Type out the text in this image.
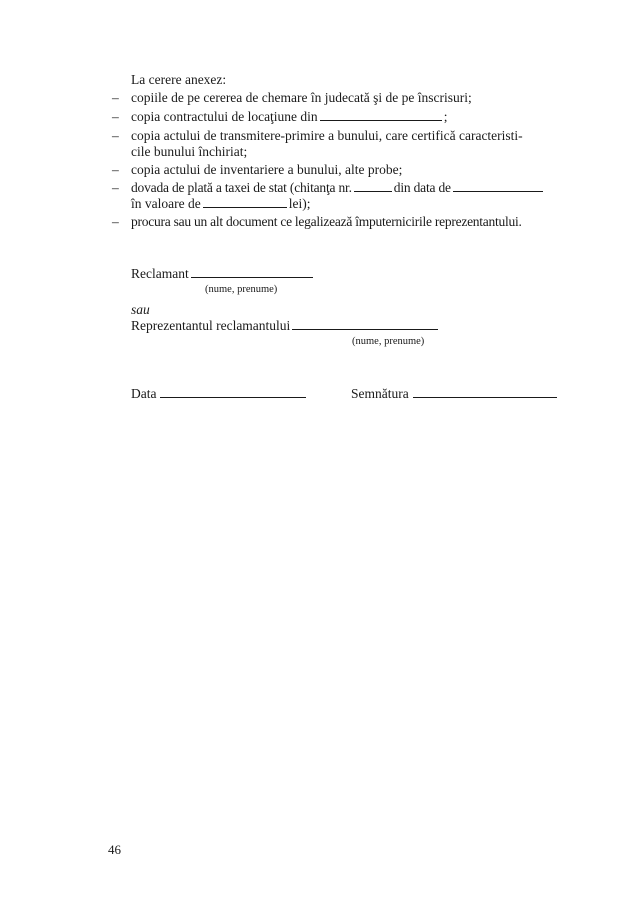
La cerere anexez:
– copiile de pe cererea de chemare în judecată şi de pe înscrisuri;
– copia contractului de locaţiune din	;
– copia actului de transmitere-primire a bunului, care certifică caracteristi-
cile bunului închiriat;
– copia actului de inventariere a bunului, alte probe;
– dovada de plată a taxei de stat (chitanţa nr.	din data de
în valoare de	lei);
– procura sau un alt document ce legalizează împuternicirile reprezentantului.
Reclamant
(nume, prenume)
sau
Reprezentantul reclamantului
(nume, prenume)
Data	Semnătura
46
